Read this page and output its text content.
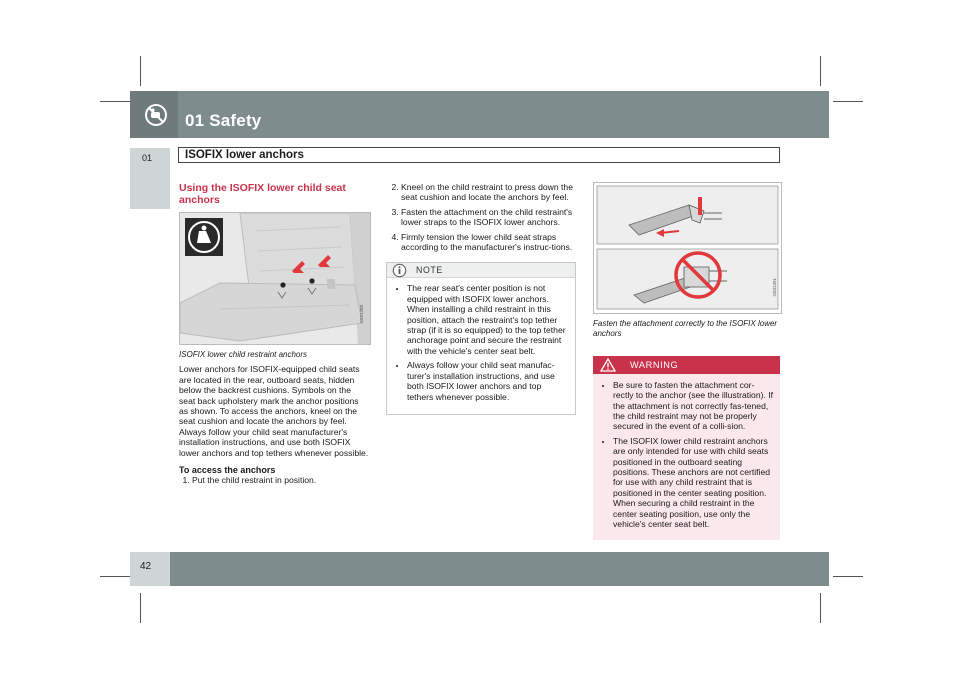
01 Safety
01	ISOFIX lower anchors
Using the ISOFIX lower child seat anchors
G031388
ISOFIX lower child restraint anchors
Lower anchors for ISOFIX-equipped child seats are located in the rear, outboard seats, hidden below the backrest cushions. Symbols on the seat back upholstery mark the anchor positions as shown. To access the anchors, kneel on the seat cushion and locate the anchors by feel. Always follow your child seat manufacturer's installation instructions, and use both ISOFIX lower anchors and top tethers whenever possible.
To access the anchors
1. Put the child restraint in position.
2. Kneel on the child restraint to press down the seat cushion and locate the anchors by feel.
3. Fasten the attachment on the child restraint's lower straps to the ISOFIX lower anchors.
4. Firmly tension the lower child seat straps according to the manufacturer's instruc-tions.
NOTE
• The rear seat's center position is not equipped with ISOFIX lower anchors. When installing a child restraint in this position, attach the restraint's top tether strap (if it is so equipped) to the top tether anchorage point and secure the restraint with the vehicle's center seat belt.
• Always follow your child seat manufac-turer's installation instructions, and use both ISOFIX lower anchors and top tethers whenever possible.
G031391
Fasten the attachment correctly to the ISOFIX lower anchors
WARNING
• Be sure to fasten the attachment cor-rectly to the anchor (see the illustration). If the attachment is not correctly fas-tened, the child restraint may not be properly secured in the event of a colli-sion.
• The ISOFIX lower child restraint anchors are only intended for use with child seats positioned in the outboard seating positions. These anchors are not certified for use with any child restraint that is positioned in the center seating position. When securing a child restraint in the center seating position, use only the vehicle's center seat belt.
42
